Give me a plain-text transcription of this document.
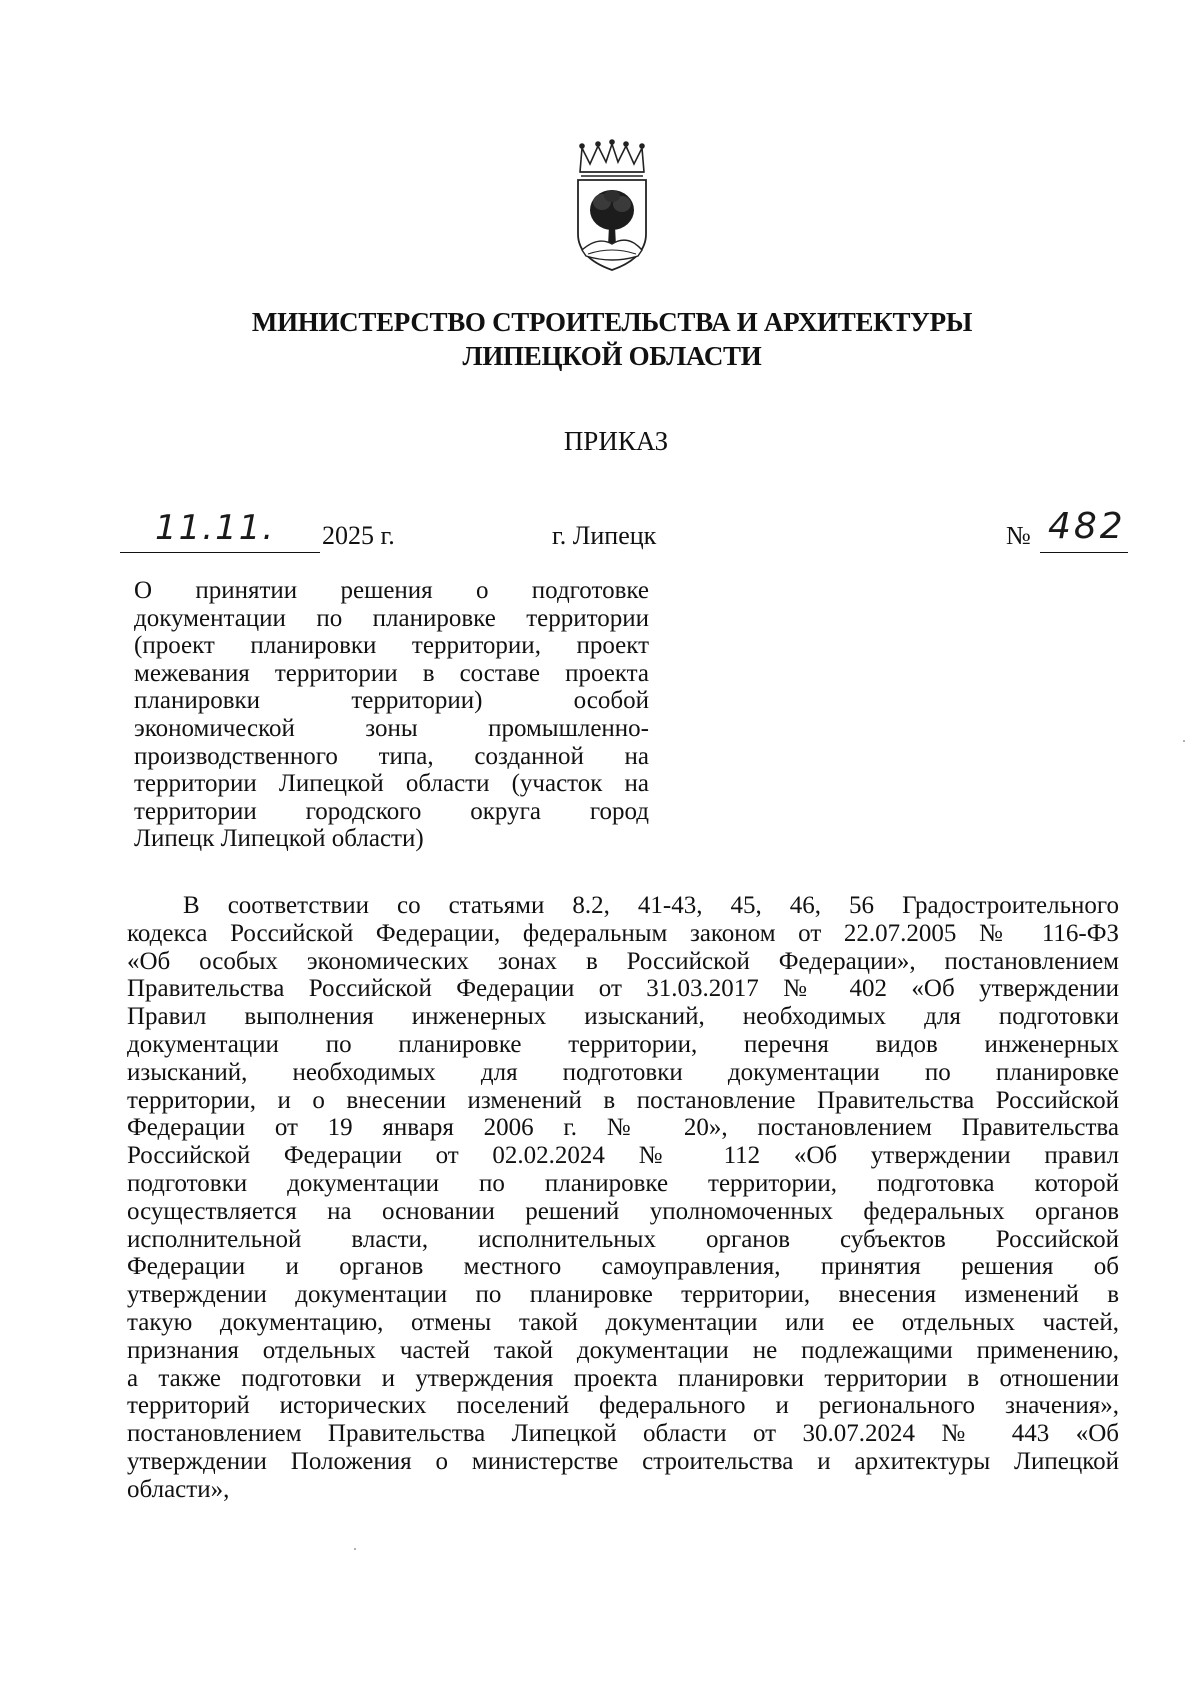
МИНИСТЕРСТВО СТРОИТЕЛЬСТВА И АРХИТЕКТУРЫ
ЛИПЕЦКОЙ ОБЛАСТИ
ПРИКАЗ
11.11. 2025 г.	г. Липецк	№ 482
О принятии решения о подготовке
документации по планировке территории
(проект планировки территории, проект
межевания территории в составе проекта
планировки территории) особой
экономической зоны промышленно-
производственного типа, созданной на
территории Липецкой области (участок на
территории городского округа город
Липецк Липецкой области)
В соответствии со статьями 8.2, 41-43, 45, 46, 56 Градостроительного
кодекса Российской Федерации, федеральным законом от 22.07.2005 № 116-ФЗ
«Об особых экономических зонах в Российской Федерации», постановлением
Правительства Российской Федерации от 31.03.2017 № 402 «Об утверждении
Правил выполнения инженерных изысканий, необходимых для подготовки
документации по планировке территории, перечня видов инженерных
изысканий, необходимых для подготовки документации по планировке
территории, и о внесении изменений в постановление Правительства Российской
Федерации от 19 января 2006 г. № 20», постановлением Правительства
Российской Федерации от 02.02.2024 № 112 «Об утверждении правил
подготовки документации по планировке территории, подготовка которой
осуществляется на основании решений уполномоченных федеральных органов
исполнительной власти, исполнительных органов субъектов Российской
Федерации и органов местного самоуправления, принятия решения об
утверждении документации по планировке территории, внесения изменений в
такую документацию, отмены такой документации или ее отдельных частей,
признания отдельных частей такой документации не подлежащими применению,
а также подготовки и утверждения проекта планировки территории в отношении
территорий исторических поселений федерального и регионального значения»,
постановлением Правительства Липецкой области от 30.07.2024 № 443 «Об
утверждении Положения о министерстве строительства и архитектуры Липецкой
области»,
